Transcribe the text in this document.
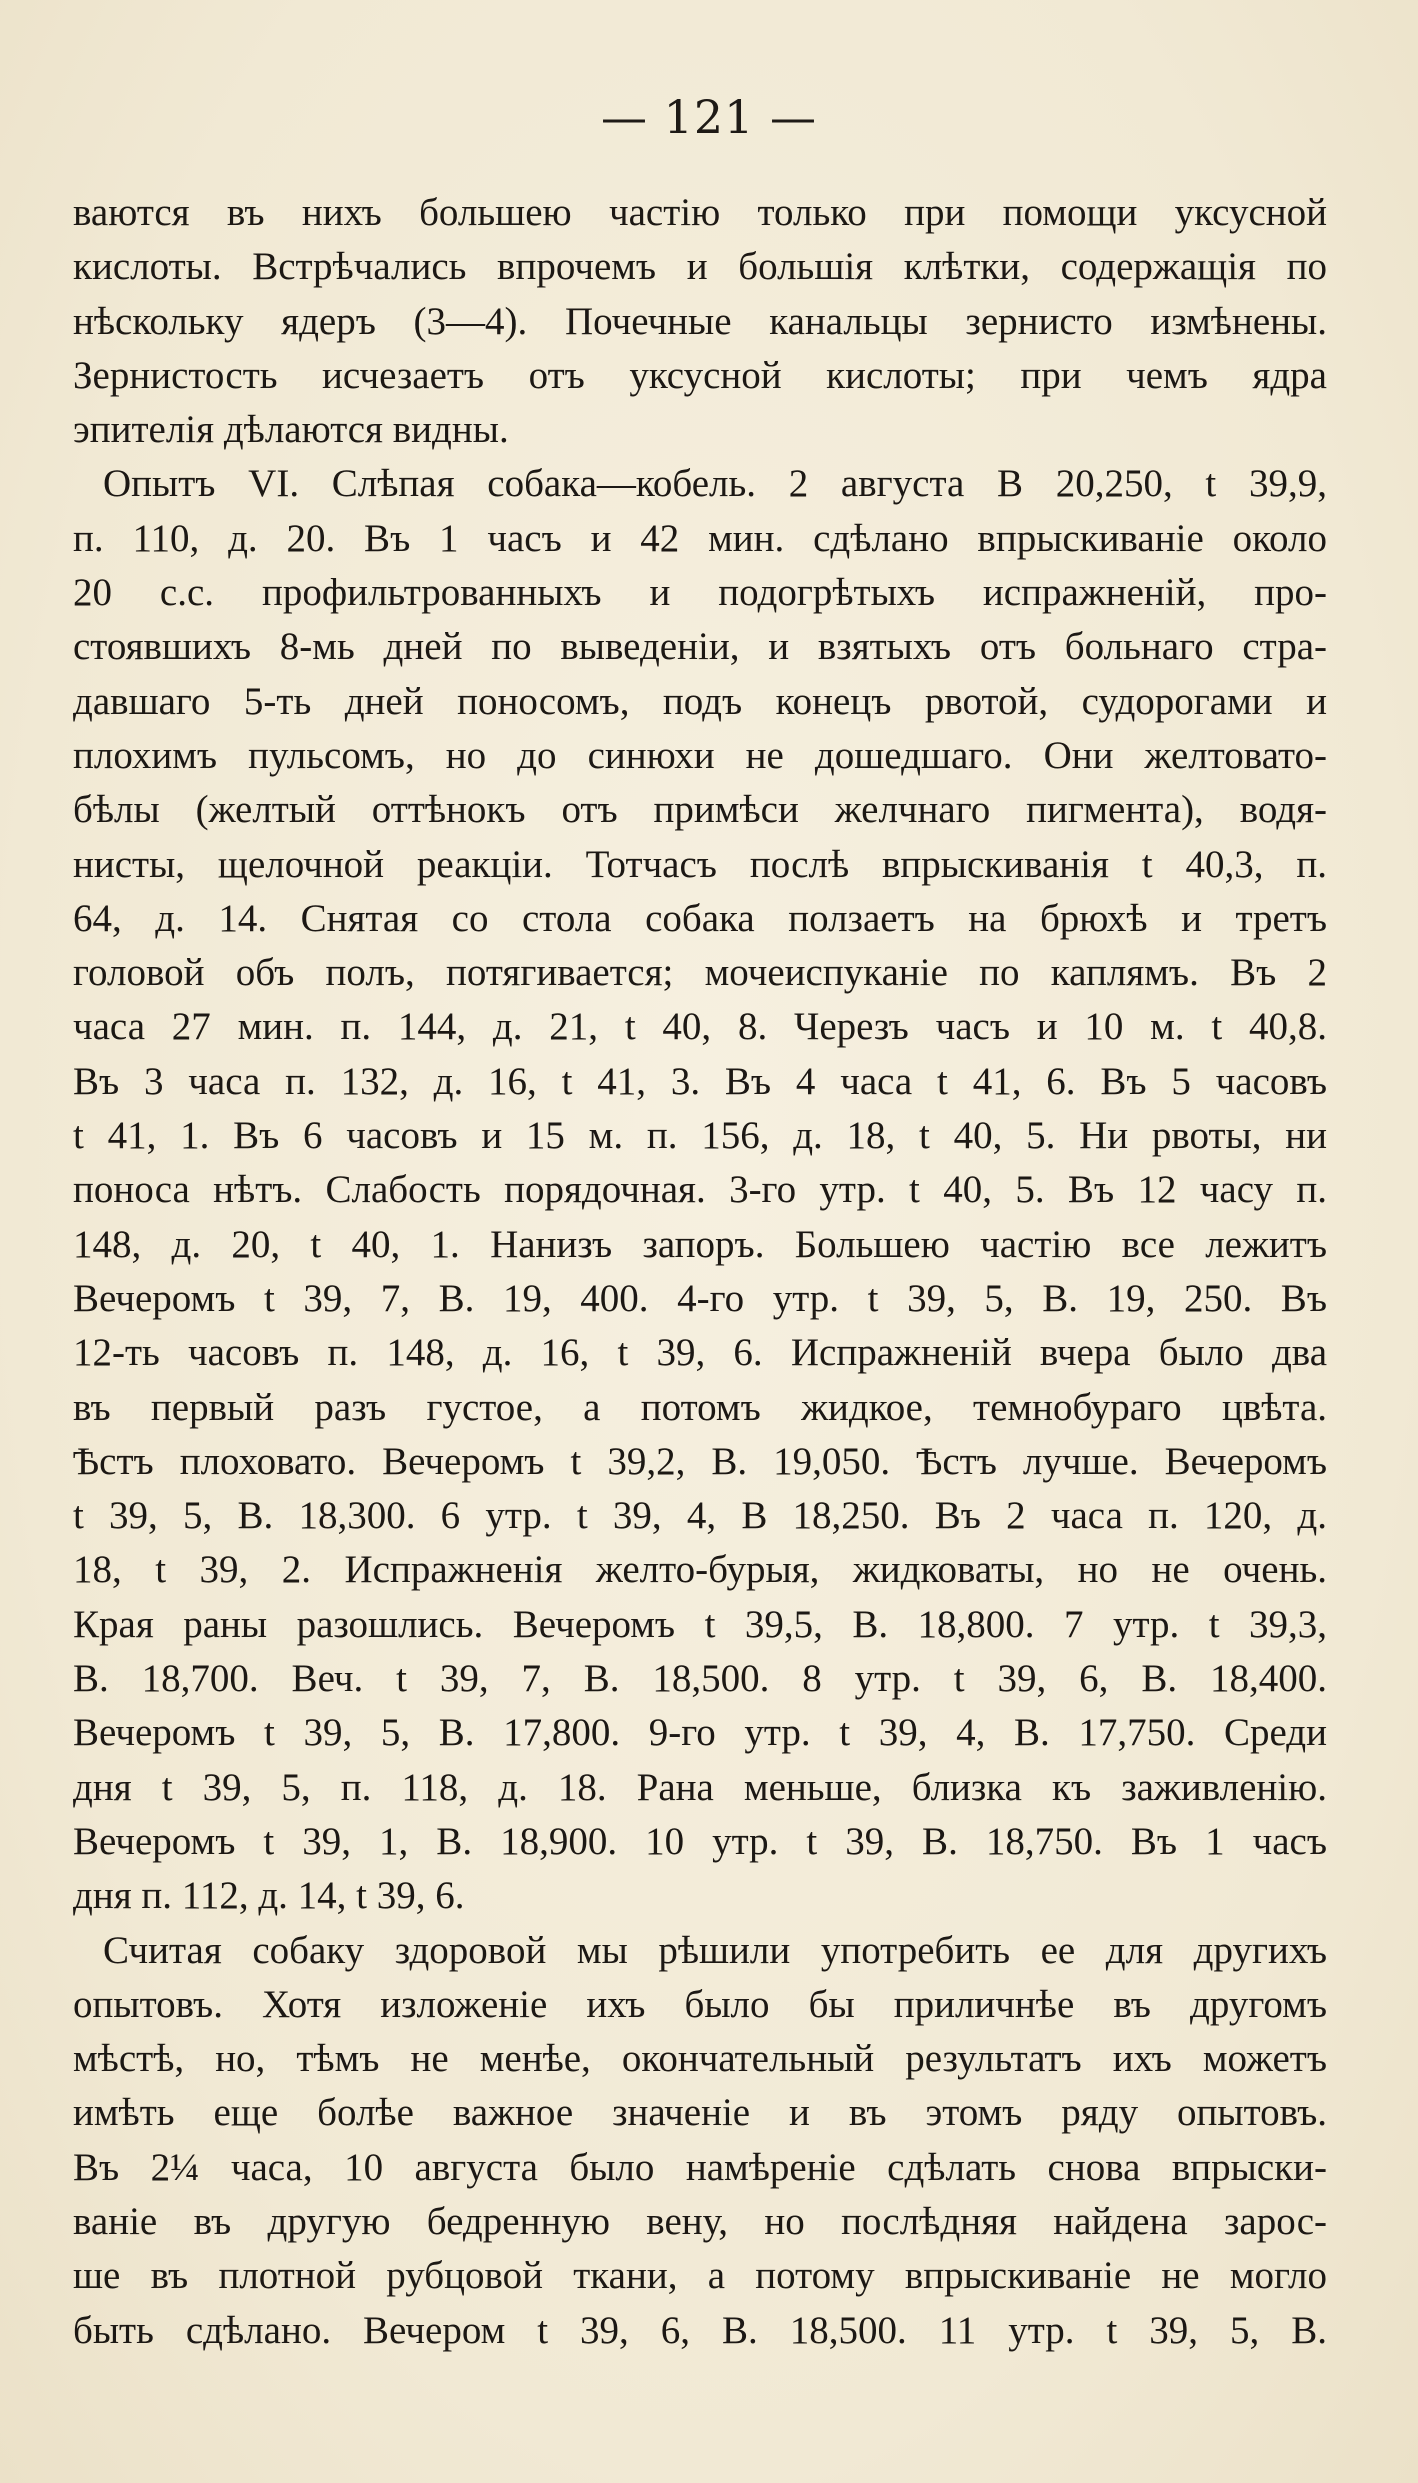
— 121 —
ваются въ нихъ большею частію только при помощи уксусной
кислоты. Встрѣчались впрочемъ и большія клѣтки, содержащія по
нѣскольку ядеръ (3—4). Почечные канальцы зернисто измѣнены.
Зернистость исчезаетъ отъ уксусной кислоты; при чемъ ядра
эпителія дѣлаются видны.
Опытъ VI. Слѣпая собака—кобель. 2 августа В 20,250, t 39,9,
п. 110, д. 20. Въ 1 часъ и 42 мин. сдѣлано впрыскиваніе около
20 с.с. профильтрованныхъ и подогрѣтыхъ испражненій, про-
стоявшихъ 8-мь дней по выведеніи, и взятыхъ отъ больнаго стра-
давшаго 5-ть дней поносомъ, подъ конецъ рвотой, судорогами и
плохимъ пульсомъ, но до синюхи не дошедшаго. Они желтовато-
бѣлы (желтый оттѣнокъ отъ примѣси желчнаго пигмента), водя-
нисты, щелочной реакціи. Тотчасъ послѣ впрыскиванія t 40,3, п.
64, д. 14. Снятая со стола собака ползаетъ на брюхѣ и третъ
головой объ полъ, потягивается; мочеиспуканіе по каплямъ. Въ 2
часа 27 мин. п. 144, д. 21, t 40, 8. Черезъ часъ и 10 м. t 40,8.
Въ 3 часа п. 132, д. 16, t 41, 3. Въ 4 часа t 41, 6. Въ 5 часовъ
t 41, 1. Въ 6 часовъ и 15 м. п. 156, д. 18, t 40, 5. Ни рвоты, ни
поноса нѣтъ. Слабость порядочная. 3-го утр. t 40, 5. Въ 12 часу п.
148, д. 20, t 40, 1. Нанизъ запоръ. Большею частію все лежитъ
Вечеромъ t 39, 7, В. 19, 400. 4-го утр. t 39, 5, В. 19, 250. Въ
12-ть часовъ п. 148, д. 16, t 39, 6. Испражненій вчера было два
въ первый разъ густое, а потомъ жидкое, темнобураго цвѣта.
Ѣстъ плоховато. Вечеромъ t 39,2, В. 19,050. Ѣстъ лучше. Вечеромъ
t 39, 5, В. 18,300. 6 утр. t 39, 4, В 18,250. Въ 2 часа п. 120, д.
18, t 39, 2. Испражненія желто-бурыя, жидковаты, но не очень.
Края раны разошлись. Вечеромъ t 39,5, В. 18,800. 7 утр. t 39,3,
В. 18,700. Веч. t 39, 7, В. 18,500. 8 утр. t 39, 6, В. 18,400.
Вечеромъ t 39, 5, В. 17,800. 9-го утр. t 39, 4, В. 17,750. Среди
дня t 39, 5, п. 118, д. 18. Рана меньше, близка къ заживленію.
Вечеромъ t 39, 1, В. 18,900. 10 утр. t 39, В. 18,750. Въ 1 часъ
дня п. 112, д. 14, t 39, 6.
Считая собаку здоровой мы рѣшили употребить ее для другихъ
опытовъ. Хотя изложеніе ихъ было бы приличнѣе въ другомъ
мѣстѣ, но, тѣмъ не менѣе, окончательный результатъ ихъ можетъ
имѣть еще болѣе важное значеніе и въ этомъ ряду опытовъ.
Въ 2¼ часа, 10 августа было намѣреніе сдѣлать снова впрыски-
ваніе въ другую бедренную вену, но послѣдняя найдена зарос-
ше въ плотной рубцовой ткани, а потому впрыскиваніе не могло
быть сдѣлано. Вечером t 39, 6, В. 18,500. 11 утр. t 39, 5, В.
